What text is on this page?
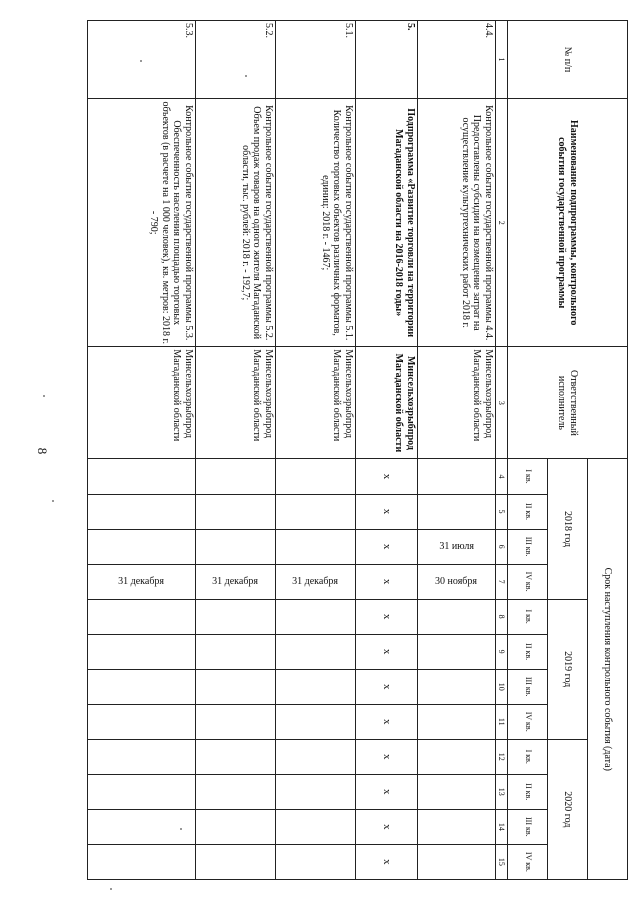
8
№ п/п	Наименование подпрограммы, контрольного события государственной программы	Ответственный исполнитель	Срок наступления контрольного события (дата)											
			2018 год				2019 год				2020 год			
			I кв.	II кв.	III кв.	IV кв.	I кв.	II кв.	III кв.	IV кв.	I кв.	II кв.	III кв.	IV кв.
1	2	3	4	5	6	7	8	9	10	11	12	13	14	15
4.4.	Контрольное событие государственной программы 4.4. Предоставлены субсидии на возмещение затрат на осуществление культуртехнических работ 2018 г.	Минсельхозрыбпрод Магаданской области			31 июля	30 ноября								

5.	Подпрограмма «Развитие торговли на территории Магаданской области на 2016-2018 годы»	Минсельхозрыбпрод Магаданской области	х	х	х	х	х	х	х	х	х	х	х	х
5.1.	Контрольное событие государственной программы 5.1. Количество торговых объектов различных форматов, единиц: 2018 г. - 1467;	Минсельхозрыбпрод Магаданской области				31 декабря								

5.2.	Контрольное событие государственной программы 5.2. Объем продаж товаров на одного жителя Магаданской области, тыс. рублей: 2018 г. - 192,7;	Минсельхозрыбпрод Магаданской области				31 декабря								

5.3.	Контрольное событие государственной программы 5.3. Обеспеченность населения площадью торговых объектов (в расчете на 1 000 человек), кв. метров: 2018 г. - 790;	Минсельхозрыбпрод Магаданской области				31 декабря								
